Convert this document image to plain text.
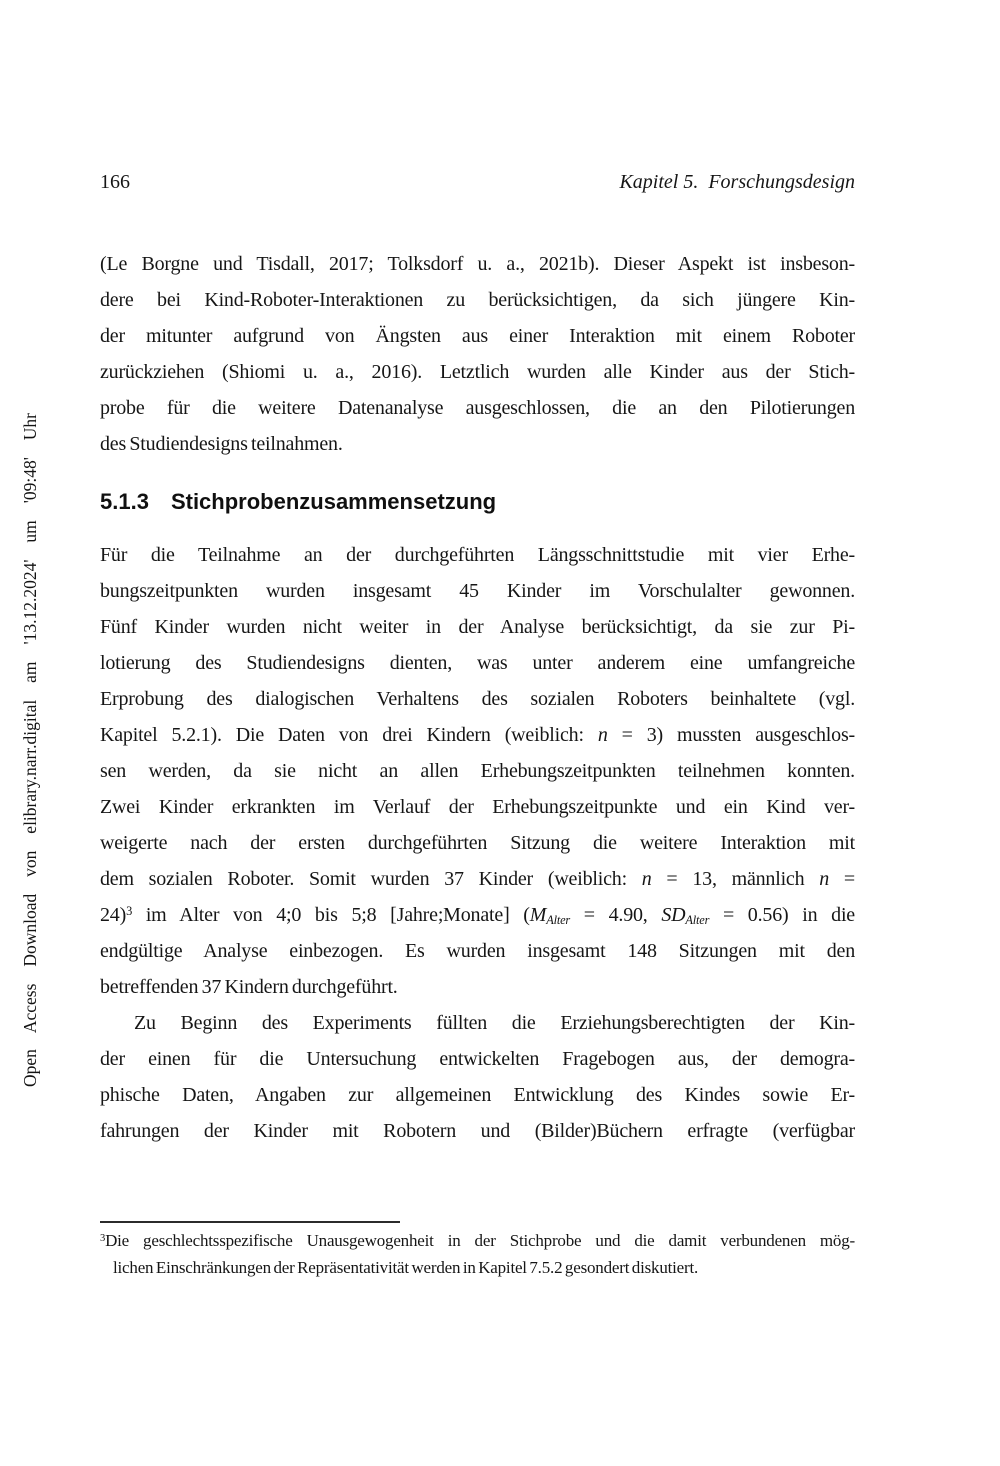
166	Kapitel 5. Forschungsdesign
(Le Borgne und Tisdall, 2017; Tolksdorf u. a., 2021b). Dieser Aspekt ist insbeson-
dere bei Kind-Roboter-Interaktionen zu berücksichtigen, da sich jüngere Kin-
der mitunter aufgrund von Ängsten aus einer Interaktion mit einem Roboter
zurückziehen (Shiomi u. a., 2016). Letztlich wurden alle Kinder aus der Stich-
probe für die weitere Datenanalyse ausgeschlossen, die an den Pilotierungen
des Studiendesigns teilnahmen.
5.1.3 Stichprobenzusammensetzung
Für die Teilnahme an der durchgeführten Längsschnittstudie mit vier Erhe-
bungszeitpunkten wurden insgesamt 45 Kinder im Vorschulalter gewonnen.
Fünf Kinder wurden nicht weiter in der Analyse berücksichtigt, da sie zur Pi-
lotierung des Studiendesigns dienten, was unter anderem eine umfangreiche
Erprobung des dialogischen Verhaltens des sozialen Roboters beinhaltete (vgl.
Kapitel 5.2.1). Die Daten von drei Kindern (weiblich: n = 3) mussten ausgeschlos-
sen werden, da sie nicht an allen Erhebungszeitpunkten teilnehmen konnten.
Zwei Kinder erkrankten im Verlauf der Erhebungszeitpunkte und ein Kind ver-
weigerte nach der ersten durchgeführten Sitzung die weitere Interaktion mit
dem sozialen Roboter. Somit wurden 37 Kinder (weiblich: n = 13, männlich n =
24)$^3$ im Alter von 4;0 bis 5;8 [Jahre;Monate] (MAlter = 4.90, SDAlter = 0.56) in die
endgültige Analyse einbezogen. Es wurden insgesamt 148 Sitzungen mit den
betreffenden 37 Kindern durchgeführt.
Zu Beginn des Experiments füllten die Erziehungsberechtigten der Kin-
der einen für die Untersuchung entwickelten Fragebogen aus, der demogra-
phische Daten, Angaben zur allgemeinen Entwicklung des Kindes sowie Er-
fahrungen der Kinder mit Robotern und (Bilder)Büchern erfragte (verfügbar
$^3$Die geschlechtsspezifische Unausgewogenheit in der Stichprobe und die damit verbundenen mög-
lichen Einschränkungen der Repräsentativität werden in Kapitel 7.5.2 gesondert diskutiert.
Open Access Download von elibrary.narr.digital am '13.12.2024' um '09:48' Uhr
